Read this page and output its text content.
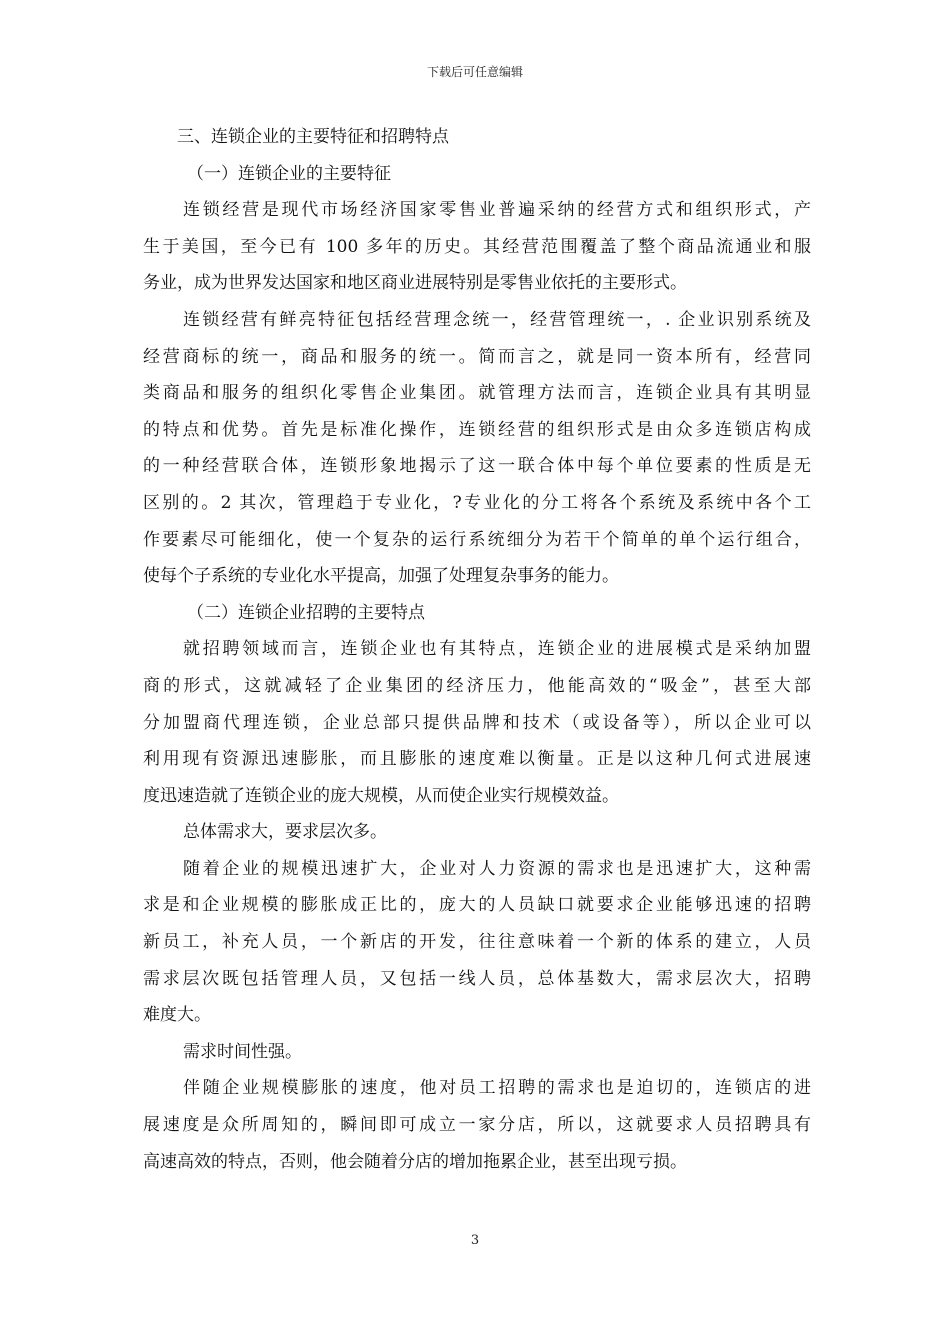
下载后可任意编辑
三、连锁企业的主要特征和招聘特点
（一）连锁企业的主要特征
连锁经营是现代市场经济国家零售业普遍采纳的经营方式和组织形式，产
生于美国，至今已有 100 多年的历史。其经营范围覆盖了整个商品流通业和服
务业，成为世界发达国家和地区商业进展特别是零售业依托的主要形式。
连锁经营有鲜亮特征包括经营理念统一，经营管理统一，. 企业识别系统及
经营商标的统一，商品和服务的统一。简而言之，就是同一资本所有，经营同
类商品和服务的组织化零售企业集团。就管理方法而言，连锁企业具有其明显
的特点和优势。首先是标准化操作，连锁经营的组织形式是由众多连锁店构成
的一种经营联合体，连锁形象地揭示了这一联合体中每个单位要素的性质是无
区别的。2 其次，管理趋于专业化，?专业化的分工将各个系统及系统中各个工
作要素尽可能细化，使一个复杂的运行系统细分为若干个简单的单个运行组合，
使每个子系统的专业化水平提高，加强了处理复杂事务的能力。
（二）连锁企业招聘的主要特点
就招聘领域而言，连锁企业也有其特点，连锁企业的进展模式是采纳加盟
商的形式，这就减轻了企业集团的经济压力，他能高效的“吸金”，甚至大部
分加盟商代理连锁，企业总部只提供品牌和技术（或设备等），所以企业可以
利用现有资源迅速膨胀，而且膨胀的速度难以衡量。正是以这种几何式进展速
度迅速造就了连锁企业的庞大规模，从而使企业实行规模效益。
总体需求大，要求层次多。
随着企业的规模迅速扩大，企业对人力资源的需求也是迅速扩大，这种需
求是和企业规模的膨胀成正比的，庞大的人员缺口就要求企业能够迅速的招聘
新员工，补充人员，一个新店的开发，往往意味着一个新的体系的建立，人员
需求层次既包括管理人员，又包括一线人员，总体基数大，需求层次大，招聘
难度大。
需求时间性强。
伴随企业规模膨胀的速度，他对员工招聘的需求也是迫切的，连锁店的进
展速度是众所周知的，瞬间即可成立一家分店，所以，这就要求人员招聘具有
高速高效的特点，否则，他会随着分店的增加拖累企业，甚至出现亏损。
3
